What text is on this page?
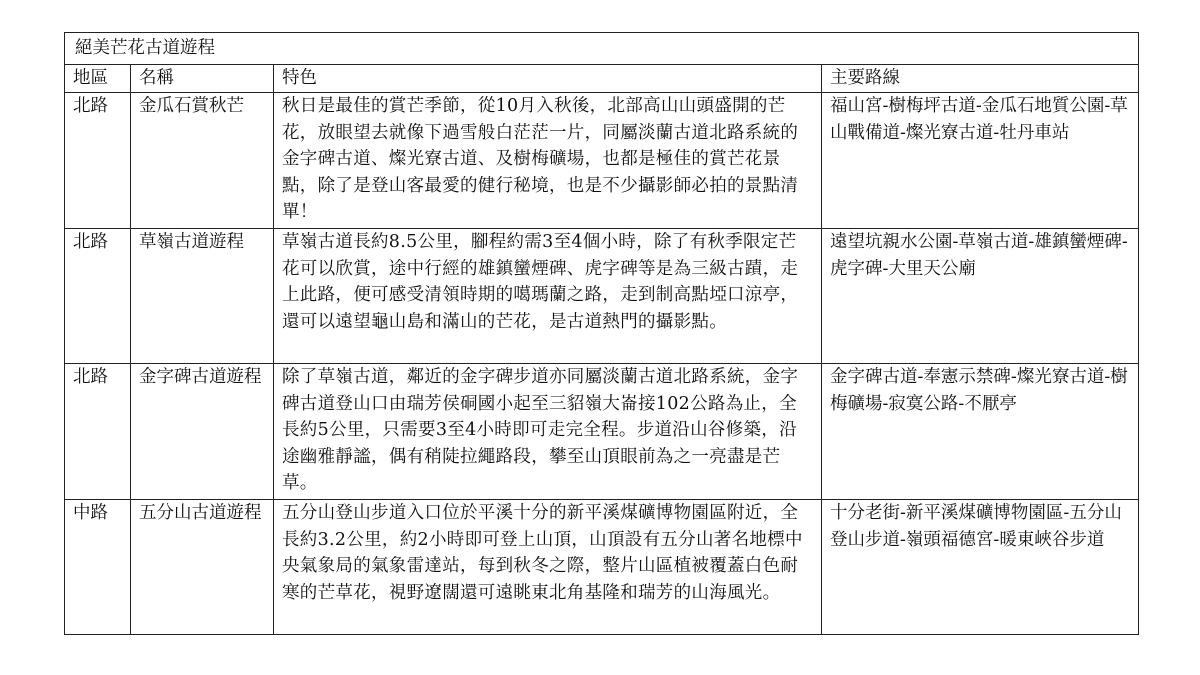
絕美芒花古道遊程			
地區	名稱	特色	主要路線
北路	金瓜石賞秋芒	秋日是最佳的賞芒季節，從10月入秋後，北部高山山頭盛開的芒花，放眼望去就像下過雪般白茫茫一片，同屬淡蘭古道北路系統的金字碑古道、燦光寮古道、及樹梅礦場，也都是極佳的賞芒花景點，除了是登山客最愛的健行秘境，也是不少攝影師必拍的景點清單！	福山宮-樹梅坪古道-金瓜石地質公園-草山戰備道-燦光寮古道-牡丹車站
北路	草嶺古道遊程	草嶺古道長約8.5公里，腳程約需3至4個小時，除了有秋季限定芒花可以欣賞，途中行經的雄鎮蠻煙碑、虎字碑等是為三級古蹟，走上此路，便可感受清領時期的噶瑪蘭之路，走到制高點埡口涼亭，還可以遠望龜山島和滿山的芒花，是古道熱門的攝影點。	遠望坑親水公園-草嶺古道-雄鎮蠻煙碑-虎字碑-大里天公廟
北路	金字碑古道遊程	除了草嶺古道，鄰近的金字碑步道亦同屬淡蘭古道北路系統，金字碑古道登山口由瑞芳侯硐國小起至三貂嶺大崙接102公路為止，全長約5公里，只需要3至4小時即可走完全程。步道沿山谷修築，沿途幽雅靜謐，偶有稍陡拉繩路段，攀至山頂眼前為之一亮盡是芒草。	金字碑古道-奉憲示禁碑-燦光寮古道-樹梅礦場-寂寞公路-不厭亭
中路	五分山古道遊程	五分山登山步道入口位於平溪十分的新平溪煤礦博物園區附近，全長約3.2公里，約2小時即可登上山頂，山頂設有五分山著名地標中央氣象局的氣象雷達站，每到秋冬之際，整片山區植被覆蓋白色耐寒的芒草花，視野遼闊還可遠眺東北角基隆和瑞芳的山海風光。	十分老街-新平溪煤礦博物園區-五分山登山步道-嶺頭福德宮-暖東峽谷步道
